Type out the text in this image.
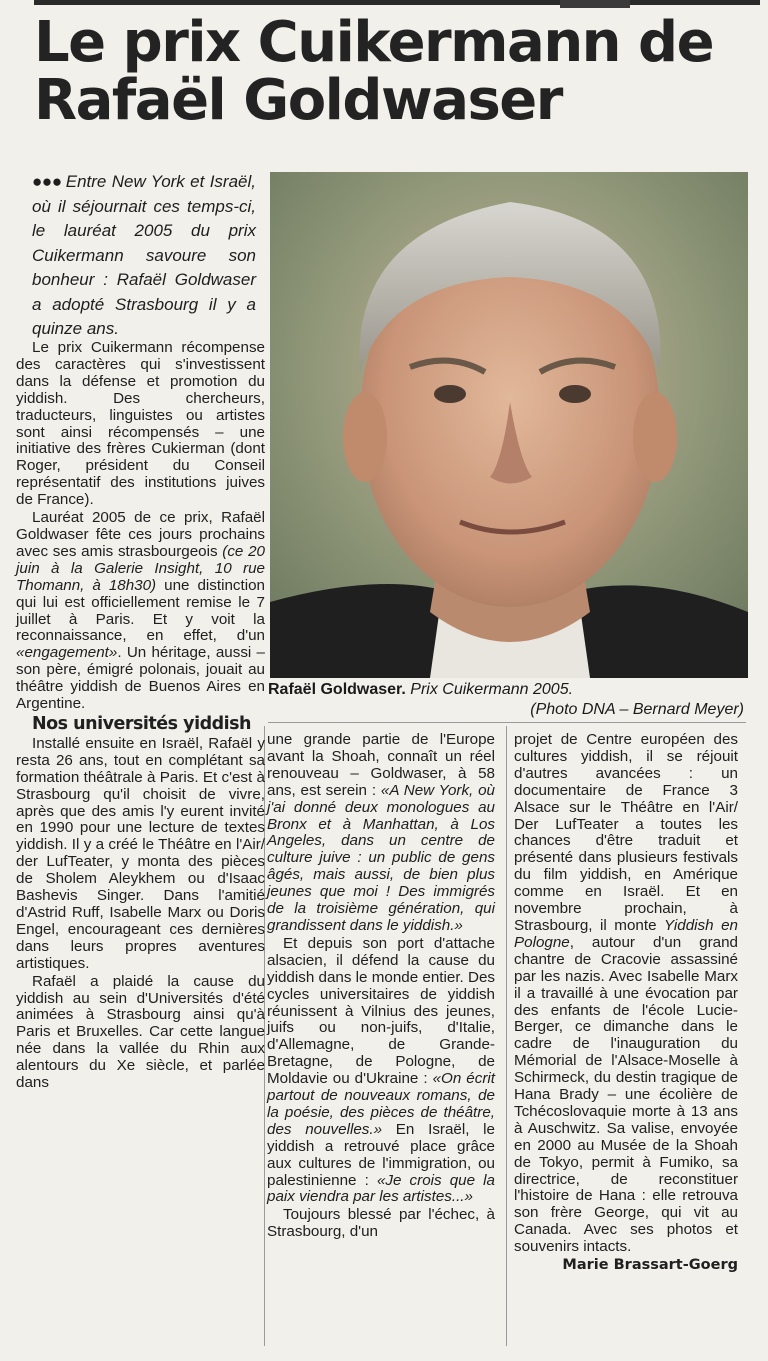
Le prix Cuikermann de
Rafaël Goldwaser
●●● Entre New York et Israël, où il séjournait ces temps-ci, le lauréat 2005 du prix Cuikermann savoure son bonheur : Rafaël Goldwaser a adopté Strasbourg il y a quinze ans.
Rafaël Goldwaser. Prix Cuikermann 2005.
(Photo DNA – Bernard Meyer)

Le prix Cuikermann récompense des caractères qui s'investissent dans la défense et promotion du yiddish. Des chercheurs, traducteurs, linguistes ou artistes sont ainsi récompensés – une initiative des frères Cukierman (dont Roger, président du Conseil représentatif des institutions juives de France).

Lauréat 2005 de ce prix, Rafaël Goldwaser fête ces jours prochains avec ses amis strasbourgeois (ce 20 juin à la Galerie Insight, 10 rue Thomann, à 18h30) une distinction qui lui est officiellement remise le 7 juillet à Paris. Et y voit la reconnaissance, en effet, d'un «engagement». Un héritage, aussi – son père, émigré polonais, jouait au théâtre yiddish de Buenos Aires en Argentine.

Nos universités yiddish

Installé ensuite en Israël, Rafaël y resta 26 ans, tout en complétant sa formation théâtrale à Paris. Et c'est à Strasbourg qu'il choisit de vivre, après que des amis l'y eurent invité en 1990 pour une lecture de textes yiddish. Il y a créé le Théâtre en l'Air/ der LufTeater, y monta des pièces de Sholem Aleykhem ou d'Isaac Bashevis Singer. Dans l'amitié d'Astrid Ruff, Isabelle Marx ou Doris Engel, encourageant ces dernières dans leurs propres aventures artistiques.

Rafaël a plaidé la cause du yiddish au sein d'Universités d'été animées à Strasbourg ainsi qu'à Paris et Bruxelles. Car cette langue née dans la vallée du Rhin aux alentours du Xe siècle, et parlée dans

une grande partie de l'Europe avant la Shoah, connaît un réel renouveau – Goldwaser, à 58 ans, est serein : «A New York, où j'ai donné deux monologues au Bronx et à Manhattan, à Los Angeles, dans un centre de culture juive : un public de gens âgés, mais aussi, de bien plus jeunes que moi ! Des immigrés de la troisième génération, qui grandissent dans le yiddish.»

Et depuis son port d'attache alsacien, il défend la cause du yiddish dans le monde entier. Des cycles universitaires de yiddish réunissent à Vilnius des jeunes, juifs ou non-juifs, d'Italie, d'Allemagne, de Grande-Bretagne, de Pologne, de Moldavie ou d'Ukraine : «On écrit partout de nouveaux romans, de la poésie, des pièces de théâtre, des nouvelles.» En Israël, le yiddish a retrouvé place grâce aux cultures de l'immigration, ou palestinienne : «Je crois que la paix viendra par les artistes...»

Toujours blessé par l'échec, à Strasbourg, d'un

projet de Centre européen des cultures yiddish, il se réjouit d'autres avancées : un documentaire de France 3 Alsace sur le Théâtre en l'Air/ Der LufTeater a toutes les chances d'être traduit et présenté dans plusieurs festivals du film yiddish, en Amérique comme en Israël. Et en novembre prochain, à Strasbourg, il monte Yiddish en Pologne, autour d'un grand chantre de Cracovie assassiné par les nazis. Avec Isabelle Marx il a travaillé à une évocation par des enfants de l'école Lucie-Berger, ce dimanche dans le cadre de l'inauguration du Mémorial de l'Alsace-Moselle à Schirmeck, du destin tragique de Hana Brady – une écolière de Tchécoslovaquie morte à 13 ans à Auschwitz. Sa valise, envoyée en 2000 au Musée de la Shoah de Tokyo, permit à Fumiko, sa directrice, de reconstituer l'histoire de Hana : elle retrouva son frère George, qui vit au Canada. Avec ses photos et souvenirs intacts.

Marie Brassart-Goerg
